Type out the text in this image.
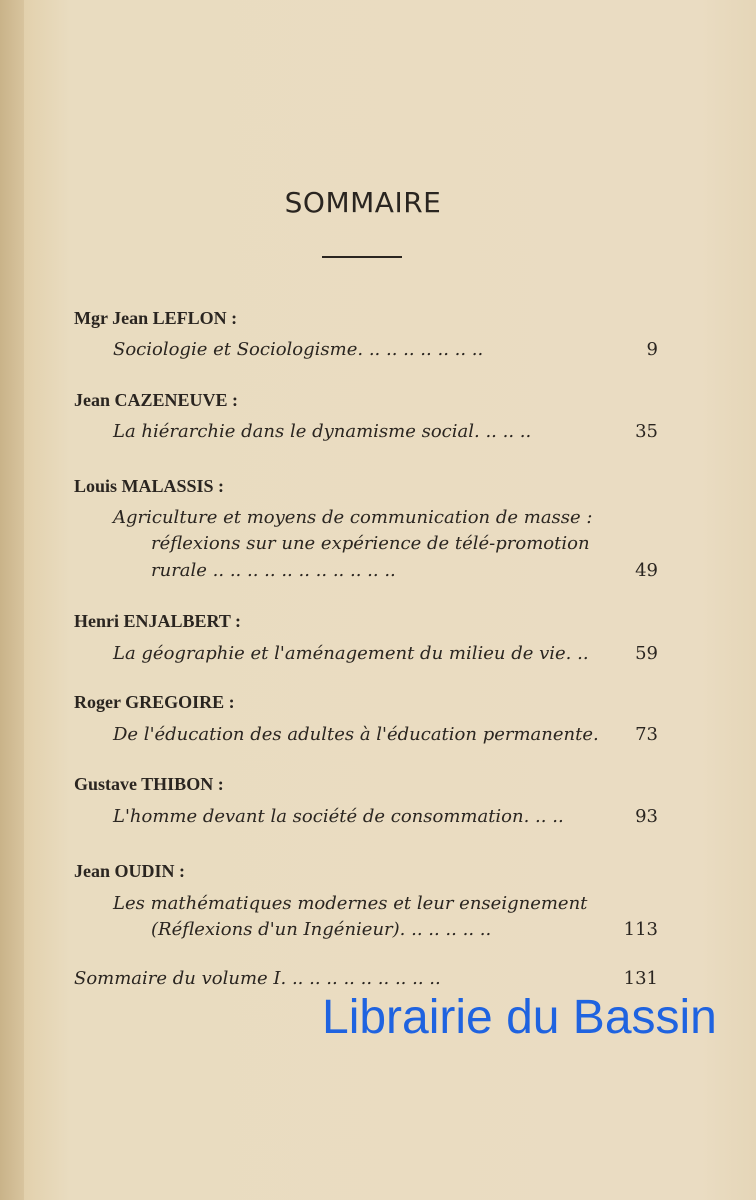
SOMMAIRE
Mgr Jean LEFLON :
Sociologie et Sociologisme. .. .. .. .. .. .. ..	9
Jean CAZENEUVE :
La hiérarchie dans le dynamisme social. .. .. ..	35
Louis MALASSIS :
Agriculture et moyens de communication de masse :
réflexions sur une expérience de télé-promotion
rurale .. .. .. .. .. .. .. .. .. .. ..	49
Henri ENJALBERT :
La géographie et l'aménagement du milieu de vie. ..	59
Roger GREGOIRE :
De l'éducation des adultes à l'éducation permanente. 73
Gustave THIBON :
L'homme devant la société de consommation. .. ..	93
Jean OUDIN :
Les mathématiques modernes et leur enseignement
(Réflexions d'un Ingénieur). .. .. .. .. ..	113
Sommaire du volume I. .. .. .. .. .. .. .. .. ..	131
Librairie du Bassin
